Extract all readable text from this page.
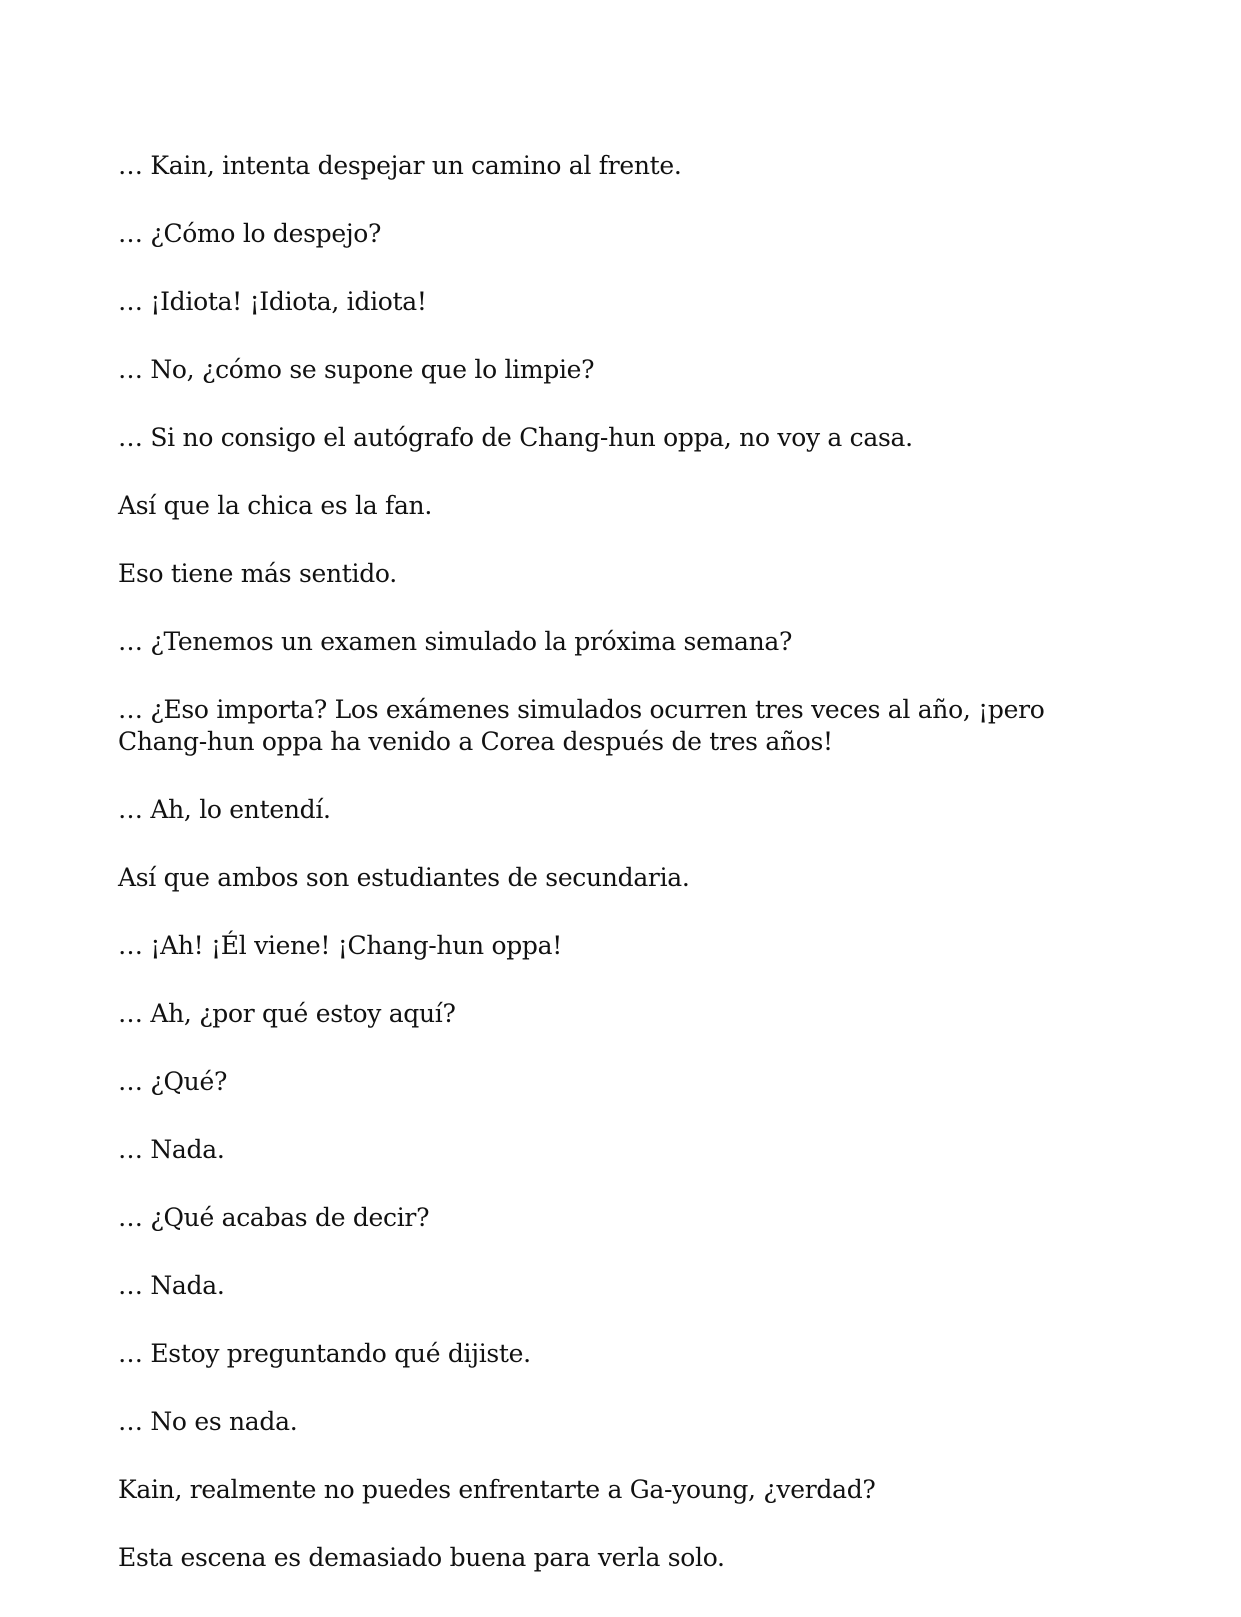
… Kain, intenta despejar un camino al frente.

… ¿Cómo lo despejo?

… ¡Idiota! ¡Idiota, idiota!

… No, ¿cómo se supone que lo limpie?

… Si no consigo el autógrafo de Chang-hun oppa, no voy a casa.

Así que la chica es la fan.

Eso tiene más sentido.

… ¿Tenemos un examen simulado la próxima semana?

… ¿Eso importa? Los exámenes simulados ocurren tres veces al año, ¡pero Chang-hun oppa ha venido a Corea después de tres años!

… Ah, lo entendí.

Así que ambos son estudiantes de secundaria.

… ¡Ah! ¡Él viene! ¡Chang-hun oppa!

… Ah, ¿por qué estoy aquí?

… ¿Qué?

… Nada.

… ¿Qué acabas de decir?

… Nada.

… Estoy preguntando qué dijiste.

… No es nada.

Kain, realmente no puedes enfrentarte a Ga-young, ¿verdad?

Esta escena es demasiado buena para verla solo.
